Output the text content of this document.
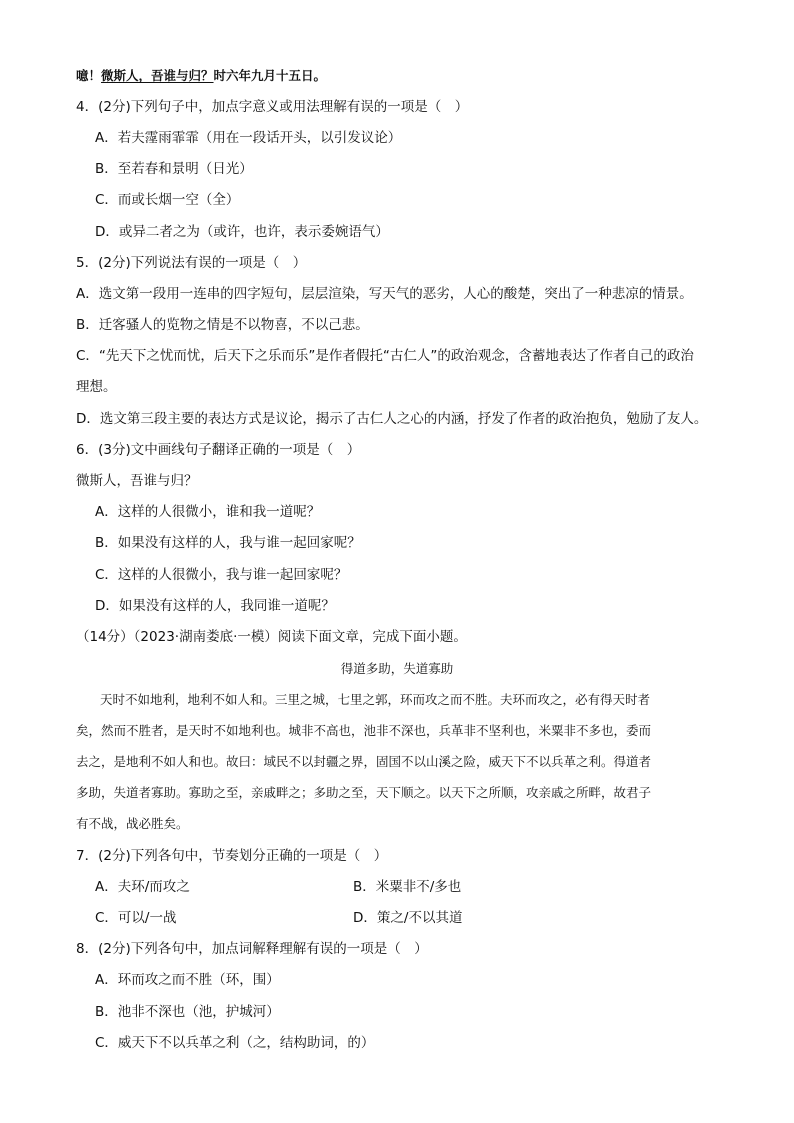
噫！微斯人，吾谁与归？时六年九月十五日。
4．(2分)下列句子中，加点字意义或用法理解有误的一项是（　）
A．若夫霪雨霏霏（用在一段话开头，以引发议论）
B．至若春和景明（日光）
C．而或长烟一空（全）
D．或异二者之为（或许，也许，表示委婉语气）
5．(2分)下列说法有误的一项是（　）
A．选文第一段用一连串的四字短句，层层渲染，写天气的恶劣，人心的酸楚，突出了一种悲凉的情景。
B．迁客骚人的览物之情是不以物喜，不以己悲。
C．“先天下之忧而忧，后天下之乐而乐”是作者假托“古仁人”的政治观念，含蓄地表达了作者自己的政治
理想。
D．选文第三段主要的表达方式是议论，揭示了古仁人之心的内涵，抒发了作者的政治抱负，勉励了友人。
6．(3分)文中画线句子翻译正确的一项是（　）
微斯人，吾谁与归？
A．这样的人很微小，谁和我一道呢？
B．如果没有这样的人，我与谁一起回家呢？
C．这样的人很微小，我与谁一起回家呢？
D．如果没有这样的人，我同谁一道呢？
（14分）（2023·湖南娄底·一模）阅读下面文章，完成下面小题。
得道多助，失道寡助
天时不如地利，地利不如人和。三里之城，七里之郭，环而攻之而不胜。夫环而攻之，必有得天时者
矣，然而不胜者，是天时不如地利也。城非不高也，池非不深也，兵革非不坚利也，米粟非不多也，委而
去之，是地利不如人和也。故曰：域民不以封疆之界，固国不以山溪之险，威天下不以兵革之利。得道者
多助，失道者寡助。寡助之至，亲戚畔之；多助之至，天下顺之。以天下之所顺，攻亲戚之所畔，故君子
有不战，战必胜矣。
7．(2分)下列各句中，节奏划分正确的一项是（　）
A．夫环/而攻之	B．米粟非不/多也
C．可以/一战	D．策之/不以其道
8．(2分)下列各句中，加点词解释理解有误的一项是（　）
A．环而攻之而不胜（环，围）
B．池非不深也（池，护城河）
C．威天下不以兵革之利（之，结构助词，的）
